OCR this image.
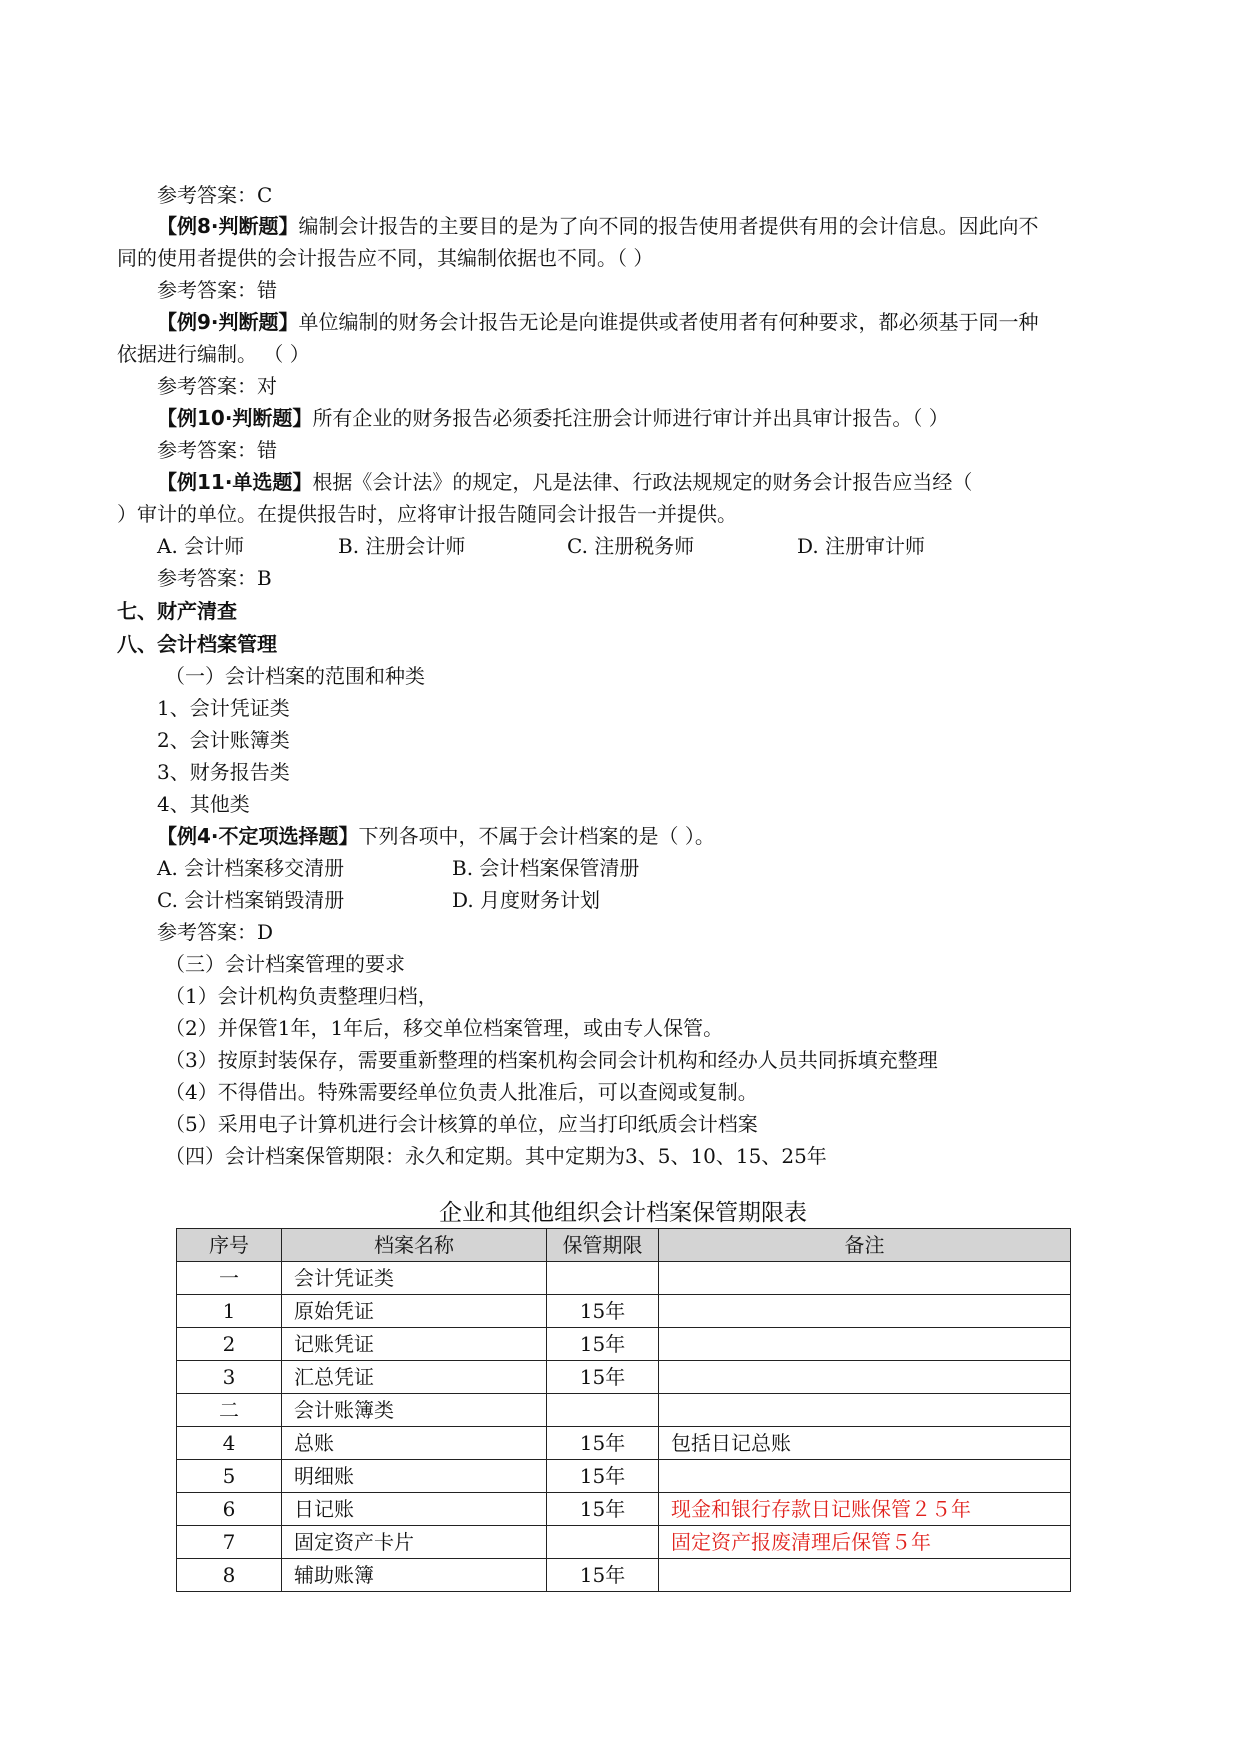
参考答案：C
【例8·判断题】编制会计报告的主要目的是为了向不同的报告使用者提供有用的会计信息。因此向不
同的使用者提供的会计报告应不同，其编制依据也不同。（ ）
参考答案：错
【例9·判断题】单位编制的财务会计报告无论是向谁提供或者使用者有何种要求，都必须基于同一种
依据进行编制。 （ ）
参考答案：对
【例10·判断题】所有企业的财务报告必须委托注册会计师进行审计并出具审计报告。（ ）
参考答案：错
【例11·单选题】根据《会计法》的规定，凡是法律、行政法规规定的财务会计报告应当经（
）审计的单位。在提供报告时，应将审计报告随同会计报告一并提供。
A. 会计师	B. 注册会计师	C. 注册税务师	D. 注册审计师
参考答案：B
七、财产清查
八、会计档案管理
（一）会计档案的范围和种类
1、会计凭证类
2、会计账簿类
3、财务报告类
4、其他类
【例4·不定项选择题】下列各项中，不属于会计档案的是（ ）。
A. 会计档案移交清册	B. 会计档案保管清册
C. 会计档案销毁清册	D. 月度财务计划
参考答案：D
（三）会计档案管理的要求
（1）会计机构负责整理归档，
（2）并保管1年，1年后，移交单位档案管理，或由专人保管。
（3）按原封装保存，需要重新整理的档案机构会同会计机构和经办人员共同拆填充整理
（4）不得借出。特殊需要经单位负责人批准后，可以查阅或复制。
（5）采用电子计算机进行会计核算的单位，应当打印纸质会计档案
（四）会计档案保管期限：永久和定期。其中定期为3、5、10、15、25年
企业和其他组织会计档案保管期限表
序号	档案名称	保管期限	备注
一	会计凭证类		
1	原始凭证	15年	
2	记账凭证	15年	
3	汇总凭证	15年	
二	会计账簿类		
4	总账	15年	包括日记总账
5	明细账	15年	
6	日记账	15年	现金和银行存款日记账保管２５年
7	固定资产卡片		固定资产报废清理后保管５年
8	辅助账簿	15年	
